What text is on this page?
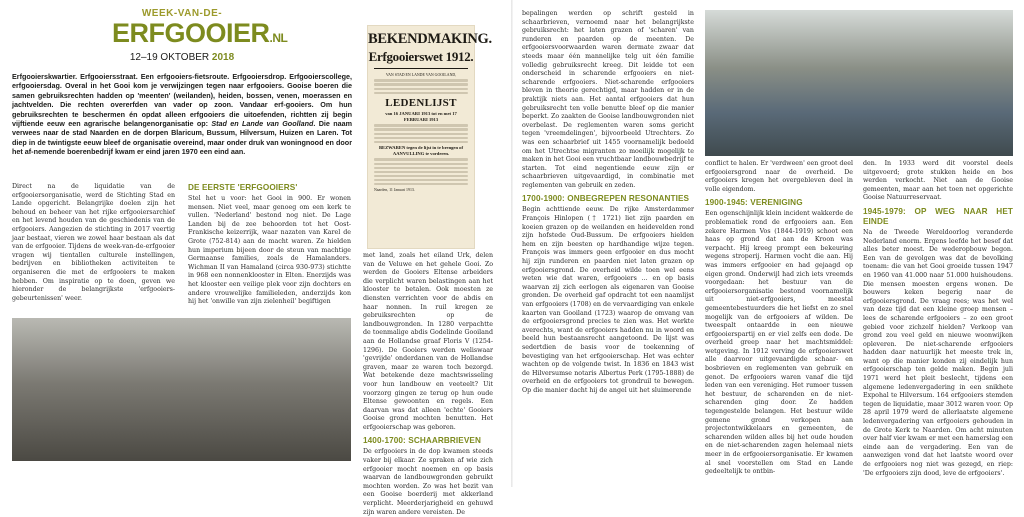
WEEK-VAN-DE-
ERFGOOIER.NL
12–19 OKTOBER 2018

Erfgooierskwartier. Erfgooiersstraat. Een erfgooiers-fietsroute. Erfgooiersdrop. Erfgooierscollege, erfgooiersdag. Overal in het Gooi kom je verwijzingen tegen naar erfgooiers. Gooise boeren die samen gebruiksrechten hadden op 'meenten' (weilanden), heiden, bossen, venen, moerassen en jachtvelden. Die rechten overerfden van vader op zoon. Vandaar erf-gooiers. Om hun gebruiksrechten te beschermen én opdat alleen erfgooiers die uitoefenden, richtten zij begin vijftiende eeuw een agrarische belangenorganisatie op: Stad en Lande van Goolland. Die naam verwees naar de stad Naarden en de dorpen Blaricum, Bussum, Hilversum, Huizen en Laren. Tot diep in de twintigste eeuw bleef de organisatie overeind, maar onder druk van woningnood en door het af-nemende boerenbedrijf kwam er eind jaren 1970 een eind aan.

Direct na de liquidatie van de erfgooiersorganisatie, werd de Stichting Stad en Lande opgericht. Belangrijke doelen zijn het behoud en beheer van het rijke erfgooiersarchief en het levend houden van de geschiedenis van de erfgooiers. Aangezien de stichting in 2017 veertig jaar bestaat, vieren we zowel haar bestaan als dat van de erfgooier. Tijdens de week-van-de-erfgooier vragen wij tientallen culturele instellingen, bedrijven en bibliotheken activiteiten te organiseren die met de erfgooiers te maken hebben. Om inspiratie op te doen, geven we hieronder de belangrijkste 'erfgooiers-gebeurtenissen' weer.

DE EERSTE 'ERFGOOIERS'

Stel het u voor: het Gooi in 900. Er wonen mensen. Niet veel, maar genoeg om een kerk te vullen. 'Nederland' bestond nog niet. De Lage Landen bij de zee behoorden tot het Oost-Frankische keizerrijk, waar nazaten van Karel de Grote (752-814) aan de macht waren. Ze hielden hun imperium bijeen door de steun van machtige Germaanse families, zoals de Hamalanders. Wichman II van Hamaland (circa 930-973) stichtte in 968 een nonnenklooster in Elten. Enerzijds was het klooster een veilige plek voor zijn dochters en andere vrouwelijke familieleden, anderzijds kon hij het 'onwille van zijn zielenheil' begiftigen

BEKENDMAKING.
Erfgooierswet 1912.
VAN STAD EN LANDE VAN GOOILAND,
LEDENLIJST
van 16 JANUARI 1913 tot en met 17 FEBRUARI 1913
BEZWAREN tegen de lijst in te brengen of AANVULLING te vorderen.
Naarden, 11 Januari 1913.

met land, zoals het eiland Urk, delen van de Veluwe en het gehele Gooi. Zo werden de Gooiers Eltense arbeiders die verplicht waren belastingen aan het klooster te betalen. Ook moesten ze diensten verrichten voor de abdis en haar nonnen. In ruil kregen ze gebruiksrechten op de landbouwgronden. In 1280 verpachtte de toenmalige abdis Godelinde Gooiland aan de Hollandse graaf Floris V (1254-1296). De Gooiers werden weliswaar 'gevrijde' onderdanen van de Hollandse graven, maar ze waren toch bezorgd. Wat betekende deze machtswisseling voor hun landbouw en veeteelt? Uit voorzorg gingen ze terug op hun oude Eltense gewoonten en regels. Een daarvan was dat alleen 'echte' Gooiers Gooise grond mochten benutten. Het erfgooierschap was geboren.

1400-1700: SCHAARBRIEVEN

De erfgooiers in de dop kwamen steeds vaker bij elkaar. Ze spraken af wie zich erfgooier mocht noemen en op basis waarvan de landbouwgronden gebruikt mochten worden. Zo was het bezit van een Gooise boerderij met akkerland verplicht. Meerderjarigheid en gehuwd zijn waren andere vereisten. De

bepalingen werden op schrift gesteld in schaarbrieven, vernoemd naar het belangrijkste gebruiksrecht: het laten grazen of 'scharen' van runderen en paarden op de meenten. De erfgooiersvoorwaarden waren dermate zwaar dat steeds maar één mannelijke telg uit één familie volledig gebruiksrecht kreeg. Dit leidde tot een onderscheid in scharende erfgooiers en niet-scharende erfgooiers. Niet-scharende erfgooiers bleven in theorie gerechtigd, maar hadden er in de praktijk niets aan. Het aantal erfgooiers dat hun gebruiksrecht ten volle benutte bleef op die manier beperkt. Zo zaakten de Gooise landbouwgronden niet overbelast. De reglementen waren soms gericht tegen 'vreemdelingen', bijvoorbeeld Utrechters. Zo was een schaarbrief uit 1455 voornamelijk bedoeld om het Utrechtse migranten zo moeilijk mogelijk te maken in het Gooi een vruchtbaar landbouwbedrijf te starten. Tot eind negentiende eeuw zijn er schaarbrieven uitgevaardigd, in combinatie met reglementen van gebruik en zeden.

1700-1900: ONBEGREPEN RESONANTIES

Begin achttiende eeuw. De rijke Amsterdammer François Hinlopen († 1721) liet zijn paarden en koeien grazen op de weilanden en heidevelden rond zijn hofstede Oud-Bussum. De erfgooiers hielden hem en zijn beesten op hardhandige wijze tegen. François was immers geen erfgooier en dus mocht hij zijn runderen en paarden niet laten grazen op erfgooiersgrond. De overheid wilde toen wel eens weten wie dat waren, erfgooiers ... en op basis waarvan zij zich eerlogen als eigenaren van Gooise gronden. De overheid gaf opdracht tot een naamlijst van erfgooiers (1708) en de vervaardiging van enkele kaarten van Gooiland (1723) waarop de omvang van de erfgooiersgrond precies te zien was. Het werkte averechts, want de erfgooiers hadden nu in woord en beeld hun bestaansrecht aangetoond. De lijst was sedertdien de basis voor de toekenning of bevestiging van het erfgooierschap. Het was echter wachten op de volgende twist. In 1836 en 1843 wist de Hilversumse notaris Albertus Perk (1795-1888) de overheid en de erfgooiers tot grondruil te bewegen. Op die manier dacht hij de angel uit het sluimerende

conflict te halen. Er 'verdween' een groot deel erfgooiersgrond naar de overheid. De erfgooiers kregen het overgebleven deel in volle eigendom.

1900-1945: VERENIGING

Een ogenschijnlijk klein incident wakkerde de problematiek rond de erfgooiers aan. Een zekere Harmen Vos (1844-1919) schoot een haas op grond dat aan de Kroon was verpacht. Hij kreeg prompt een bekeuring wegens stroperij. Harmen vocht die aan. Hij was immers erfgooier en had gejaagd op eigen grond. Onderwijl had zich iets vreemds voorgedaan: het bestuur van de erfgooiersorganisatie bestond voornamelijk uit niet-erfgooiers, meestal gemeentebestuurders die het liefst en zo snel mogelijk van de erfgooiers af wilden. De tweespalt ontaardde in een nieuwe erfgooierspartij en er viel zelfs een dode. De overheid greep naar het machtsmiddel: wetgeving. In 1912 verving de erfgooierswet alle daarvoor uitgevaardigde schaar- en bosbrieven en reglementen van gebruik en genot. De erfgooiers waren vanaf die tijd leden van een vereniging. Het rumoer tussen het bestuur, de scharenden en de niet-scharenden ging door. Ze hadden tegengestelde belangen. Het bestuur wilde gemene grond verkopen aan projectontwikkelaars en gemeenten, de scharenden wilden alles bij het oude houden en de niet-scharenden zagen helemaal niets meer in de erfgooiersorganisatie. Er kwamen al snel voorstellen om Stad en Lande gedeeltelijk te ontbin-

den. In 1933 werd dit voorstel deels uitgevoerd; grote stukken heide en bos werden verkocht. Niet aan de Gooise gemeenten, maar aan het toen net opgerichte Gooise Natuurreservaat.

1945-1979: OP WEG NAAR HET EINDE

Na de Tweede Wereldoorlog veranderde Nederland enorm. Ergens leefde het besef dat alles beter moest. De wederopbouw begon. Een van de gevolgen was dat de bevolking toenam: die van het Gooi groeide tussen 1947 en 1960 van 41.000 naar 51.000 huishoudens. Die mensen moesten ergens wonen. De bouwers keken begerig naar de erfgooiersgrond. De vraag rees; was het wel van deze tijd dat een kleine groep mensen – lees de scharende erfgooiers – zo een groot gebied voor zichzelf hielden? Verkoop van grond zou veel geld en nieuwe woonwijken opleveren. De niet-scharende erfgooiers hadden daar natuurlijk het meeste trek in, want op die manier konden zij eindelijk hun erfgooierschap ten gelde maken. Begin juli 1971 werd het pleit beslecht, tijdens een algemene ledenvergadering in een snikhete Expohal te Hilversum. 164 erfgooiers stemden tegen de liquidatie, maar 3012 waren voor. Op 28 april 1979 werd de allerlaatste algemene ledenvergadering van erfgooiers gehouden in de Grote Kerk te Naarden. Om acht minuten over half vier kwam er met een hamerslag een einde aan de vergadering. Een van de aanwezigen vond dat het laatste woord over de erfgooiers nog niet was gezegd, en riep: 'De erfgooiers zijn dood, leve de erfgooiers'.
